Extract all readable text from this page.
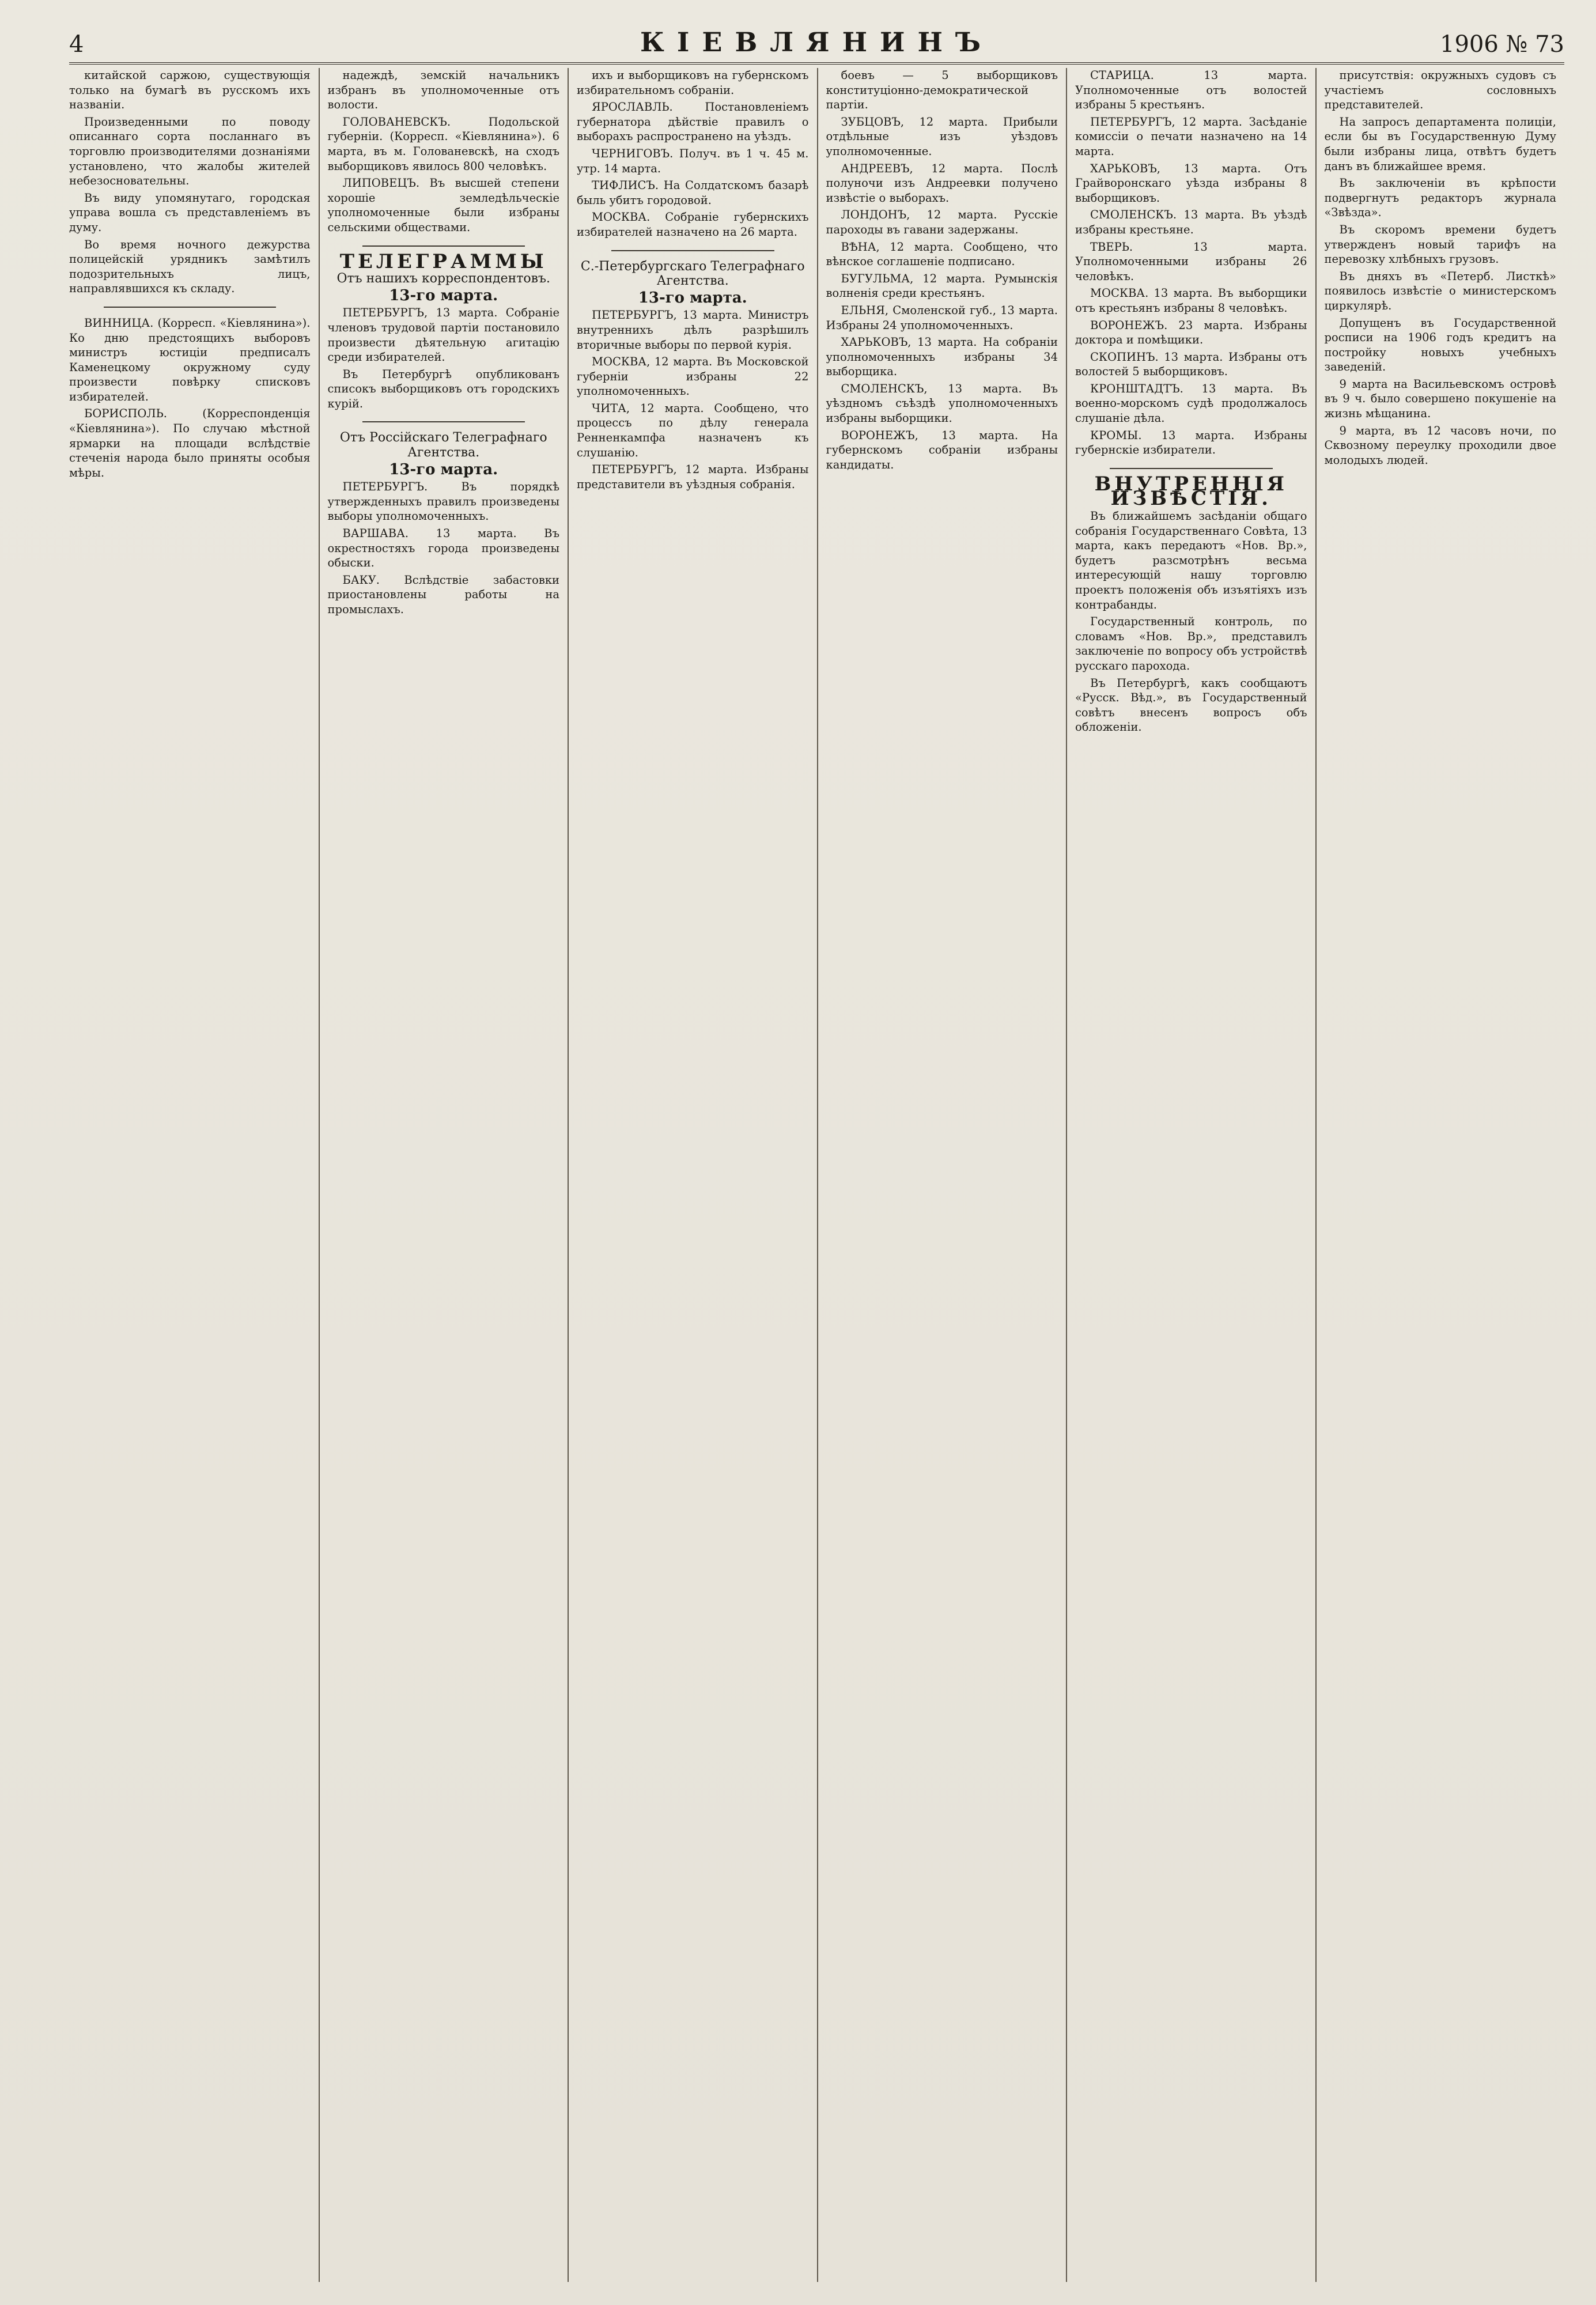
4	КІЕВЛЯНИНЪ	1906 № 73

китайской саржою, существующія только на бумагѣ въ русскомъ ихъ названіи.

Произведенными по поводу описаннаго сорта посланнаго въ торговлю производителями дознаніями установлено, что жалобы жителей небезосновательны.

Въ виду упомянутаго, городская управа вошла съ представленіемъ въ думу.

Во время ночного дежурства полицейскій урядникъ замѣтилъ подозрительныхъ лицъ, направлявшихся къ складу.

ВИННИЦА. (Корресп. «Кіевлянина»). Ко дню предстоящихъ выборовъ министръ юстиціи предписалъ Каменецкому окружному суду произвести повѣрку списковъ избирателей.

БОРИСПОЛЬ. (Корреспонденція «Кіевлянина»). По случаю мѣстной ярмарки на площади вслѣдствіе стеченія народа было приняты особыя мѣры.

надеждѣ, земскій начальникъ избранъ въ уполномоченные отъ волости.

ГОЛОВАНЕВСКЪ. Подольской губерніи. (Корресп. «Кіевлянина»). 6 марта, въ м. Голованевскѣ, на сходъ выборщиковъ явилось 800 человѣкъ.

ЛИПОВЕЦЪ. Въ высшей степени хорошіе земледѣльческіе уполномоченные были избраны сельскими обществами.

ТЕЛЕГРАММЫ

Отъ нашихъ корреспондентовъ.

13-го марта.

ПЕТЕРБУРГЪ, 13 марта. Собраніе членовъ трудовой партіи постановило произвести дѣятельную агитацію среди избирателей.

Въ Петербургѣ опубликованъ списокъ выборщиковъ отъ городскихъ курій.

Отъ Россійскаго Телеграфнаго Агентства.

13-го марта.

ПЕТЕРБУРГЪ. Въ порядкѣ утвержденныхъ правилъ произведены выборы уполномоченныхъ.

ВАРШАВА. 13 марта. Въ окрестностяхъ города произведены обыски.

БАКУ. Вслѣдствіе забастовки приостановлены работы на промыслахъ.

ихъ и выборщиковъ на губернскомъ избирательномъ собраніи.

ЯРОСЛАВЛЬ. Постановленіемъ губернатора дѣйствіе правилъ о выборахъ распространено на уѣздъ.

ЧЕРНИГОВЪ. Получ. въ 1 ч. 45 м. утр. 14 марта.

ТИФЛИСЪ. На Солдатскомъ базарѣ быль убитъ городовой.

МОСКВА. Собраніе губернскихъ избирателей назначено на 26 марта.

С.-Петербургскаго Телеграфнаго Агентства.

13-го марта.

ПЕТЕРБУРГЪ, 13 марта. Министръ внутреннихъ дѣлъ разрѣшилъ вторичные выборы по первой курія.

МОСКВА, 12 марта. Въ Московской губерніи избраны 22 уполномоченныхъ.

ЧИТА, 12 марта. Сообщено, что процессъ по дѣлу генерала Ренненкампфа назначенъ къ слушанію.

ПЕТЕРБУРГЪ, 12 марта. Избраны представители въ уѣздныя собранія.

боевъ — 5 выборщиковъ конституціонно-демократической партіи.

ЗУБЦОВЪ, 12 марта. Прибыли отдѣльные изъ уѣздовъ уполномоченные.

АНДРЕЕВЪ, 12 марта. Послѣ полуночи изъ Андреевки получено извѣстіе о выборахъ.

ЛОНДОНЪ, 12 марта. Русскіе пароходы въ гавани задержаны.

ВѢНА, 12 марта. Сообщено, что вѣнское соглашеніе подписано.

БУГУЛЬМА, 12 марта. Румынскія волненія среди крестьянъ.

ЕЛЬНЯ, Смоленской губ., 13 марта. Избраны 24 уполномоченныхъ.

ХАРЬКОВЪ, 13 марта. На собраніи уполномоченныхъ избраны 34 выборщика.

СМОЛЕНСКЪ, 13 марта. Въ уѣздномъ съѣздѣ уполномоченныхъ избраны выборщики.

ВОРОНЕЖЪ, 13 марта. На губернскомъ собраніи избраны кандидаты.

СТАРИЦА. 13 марта. Уполномоченные отъ волостей избраны 5 крестьянъ.

ПЕТЕРБУРГЪ, 12 марта. Засѣданіе комиссіи о печати назначено на 14 марта.

ХАРЬКОВЪ, 13 марта. Отъ Грайворонскаго уѣзда избраны 8 выборщиковъ.

СМОЛЕНСКЪ. 13 марта. Въ уѣздѣ избраны крестьяне.

ТВЕРЬ. 13 марта. Уполномоченными избраны 26 человѣкъ.

МОСКВА. 13 марта. Въ выборщики отъ крестьянъ избраны 8 человѣкъ.

ВОРОНЕЖЪ. 23 марта. Избраны доктора и помѣщики.

СКОПИНЪ. 13 марта. Избраны отъ волостей 5 выборщиковъ.

КРОНШТАДТЪ. 13 марта. Въ военно-морскомъ судѣ продолжалось слушаніе дѣла.

КРОМЫ. 13 марта. Избраны губернскіе избиратели.

ВНУТРЕННІЯ ИЗВѢСТІЯ.

Въ ближайшемъ засѣданіи общаго собранія Государственнаго Совѣта, 13 марта, какъ передаютъ «Нов. Вр.», будетъ разсмотрѣнъ весьма интересующій нашу торговлю проектъ положенія объ изъятіяхъ изъ контрабанды.

Государственный контроль, по словамъ «Нов. Вр.», представилъ заключеніе по вопросу объ устройствѣ русскаго парохода.

Въ Петербургѣ, какъ сообщаютъ «Русск. Вѣд.», въ Государственный совѣтъ внесенъ вопросъ объ обложеніи.

присутствія: окружныхъ судовъ съ участіемъ сословныхъ представителей.

На запросъ департамента полиціи, если бы въ Государственную Думу были избраны лица, отвѣтъ будетъ данъ въ ближайшее время.

Въ заключеніи въ крѣпости подвергнутъ редакторъ журнала «Звѣзда».

Въ скоромъ времени будетъ утвержденъ новый тарифъ на перевозку хлѣбныхъ грузовъ.

Въ дняхъ въ «Петерб. Листкѣ» появилось извѣстіе о министерскомъ циркулярѣ.

Допущенъ въ Государственной росписи на 1906 годъ кредитъ на постройку новыхъ учебныхъ заведеній.

9 марта на Васильевскомъ островѣ въ 9 ч. было совершено покушеніе на жизнь мѣщанина.

9 марта, въ 12 часовъ ночи, по Сквозному переулку проходили двое молодыхъ людей.
